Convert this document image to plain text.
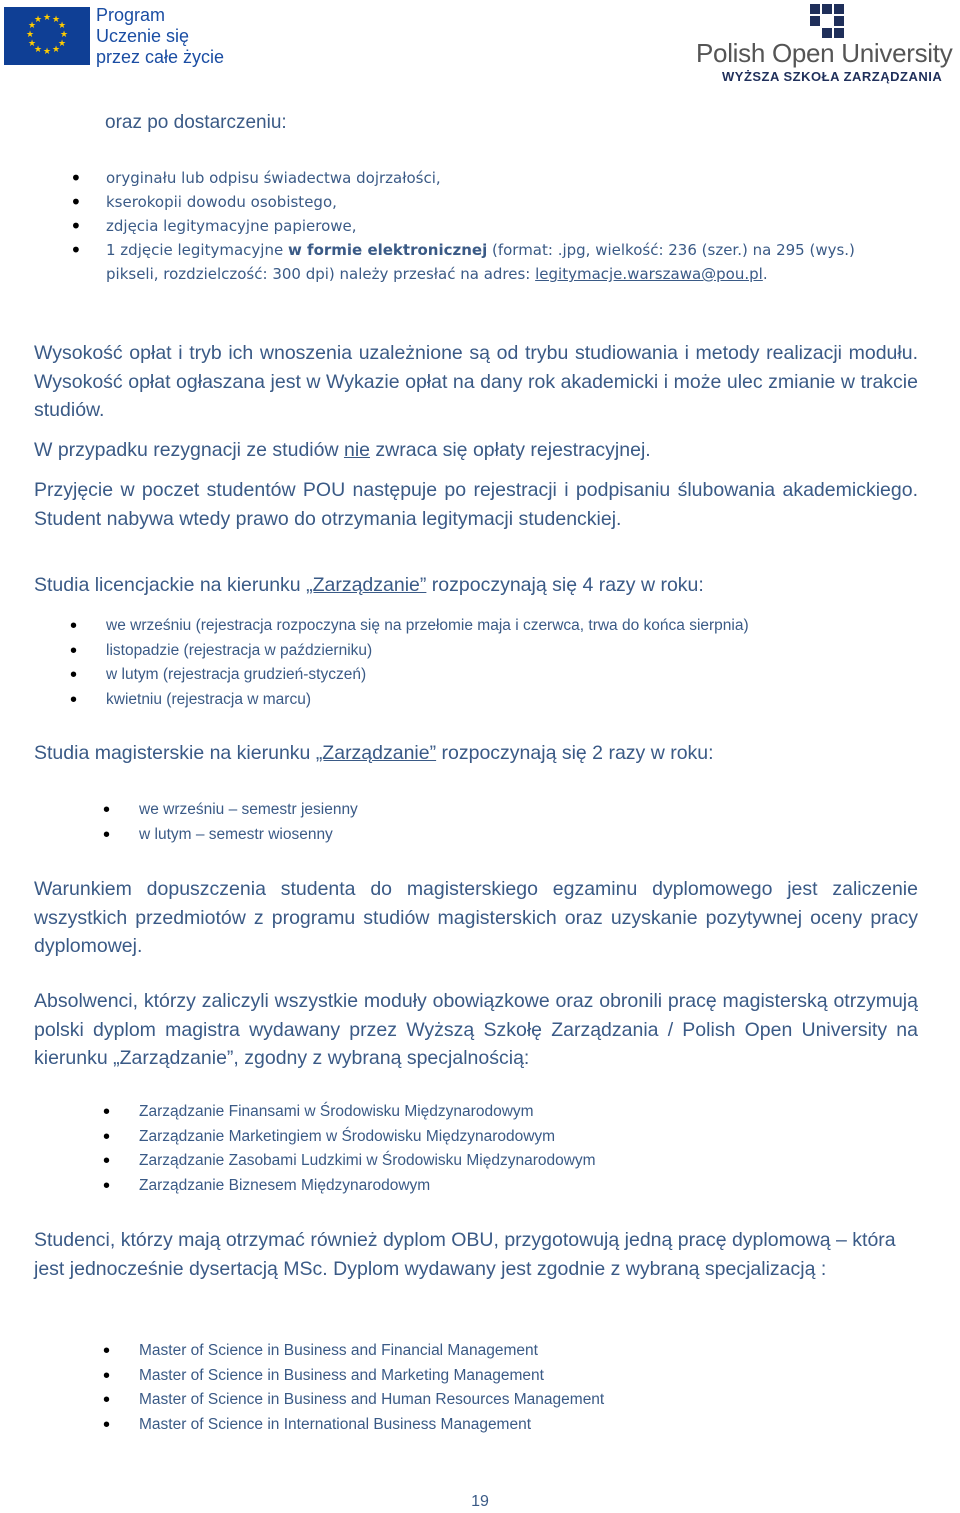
★ ★
★
★
★
★
★
★
★
★
★
★	Program
Uczenie się
przez całe życie	Polish Open University
WYŻSZA SZKOŁA ZARZĄDZANIA

oraz po dostarczeniu:

• oryginału lub odpisu świadectwa dojrzałości,
• kserokopii dowodu osobistego,
• zdjęcia legitymacyjne papierowe,
• 1 zdjęcie legitymacyjne w formie elektronicznej (format: .jpg, wielkość: 236 (szer.) na 295 (wys.)
pikseli, rozdzielczość: 300 dpi) należy przesłać na adres: legitymacje.warszawa@pou.pl.

Wysokość opłat i tryb ich wnoszenia uzależnione są od trybu studiowania i metody realizacji modułu. Wysokość opłat ogłaszana jest w Wykazie opłat na dany rok akademicki i może ulec zmianie w trakcie studiów.

W przypadku rezygnacji ze studiów nie zwraca się opłaty rejestracyjnej.

Przyjęcie w poczet studentów POU następuje po rejestracji i podpisaniu ślubowania akademickiego. Student nabywa wtedy prawo do otrzymania legitymacji studenckiej.

Studia licencjackie na kierunku „Zarządzanie” rozpoczynają się 4 razy w roku:

• we wrześniu (rejestracja rozpoczyna się na przełomie maja i czerwca, trwa do końca sierpnia)
• listopadzie (rejestracja w październiku)
• w lutym (rejestracja grudzień-styczeń)
• kwietniu (rejestracja w marcu)

Studia magisterskie na kierunku „Zarządzanie” rozpoczynają się 2 razy w roku:

• we wrześniu – semestr jesienny
• w lutym – semestr wiosenny

Warunkiem dopuszczenia studenta do magisterskiego egzaminu dyplomowego jest zaliczenie wszystkich przedmiotów z programu studiów magisterskich oraz uzyskanie pozytywnej oceny pracy dyplomowej.

Absolwenci, którzy zaliczyli wszystkie moduły obowiązkowe oraz obronili pracę magisterską otrzymują polski dyplom magistra wydawany przez Wyższą Szkołę Zarządzania / Polish Open University na kierunku „Zarządzanie”, zgodny z wybraną specjalnością:

• Zarządzanie Finansami w Środowisku Międzynarodowym
• Zarządzanie Marketingiem w Środowisku Międzynarodowym
• Zarządzanie Zasobami Ludzkimi w Środowisku Międzynarodowym
• Zarządzanie Biznesem Międzynarodowym

Studenci, którzy mają otrzymać również dyplom OBU, przygotowują jedną pracę dyplomową – która jest jednocześnie dysertacją MSc. Dyplom wydawany jest zgodnie z wybraną specjalizacją :

• Master of Science in Business and Financial Management
• Master of Science in Business and Marketing Management
• Master of Science in Business and Human Resources Management
• Master of Science in International Business Management
19
